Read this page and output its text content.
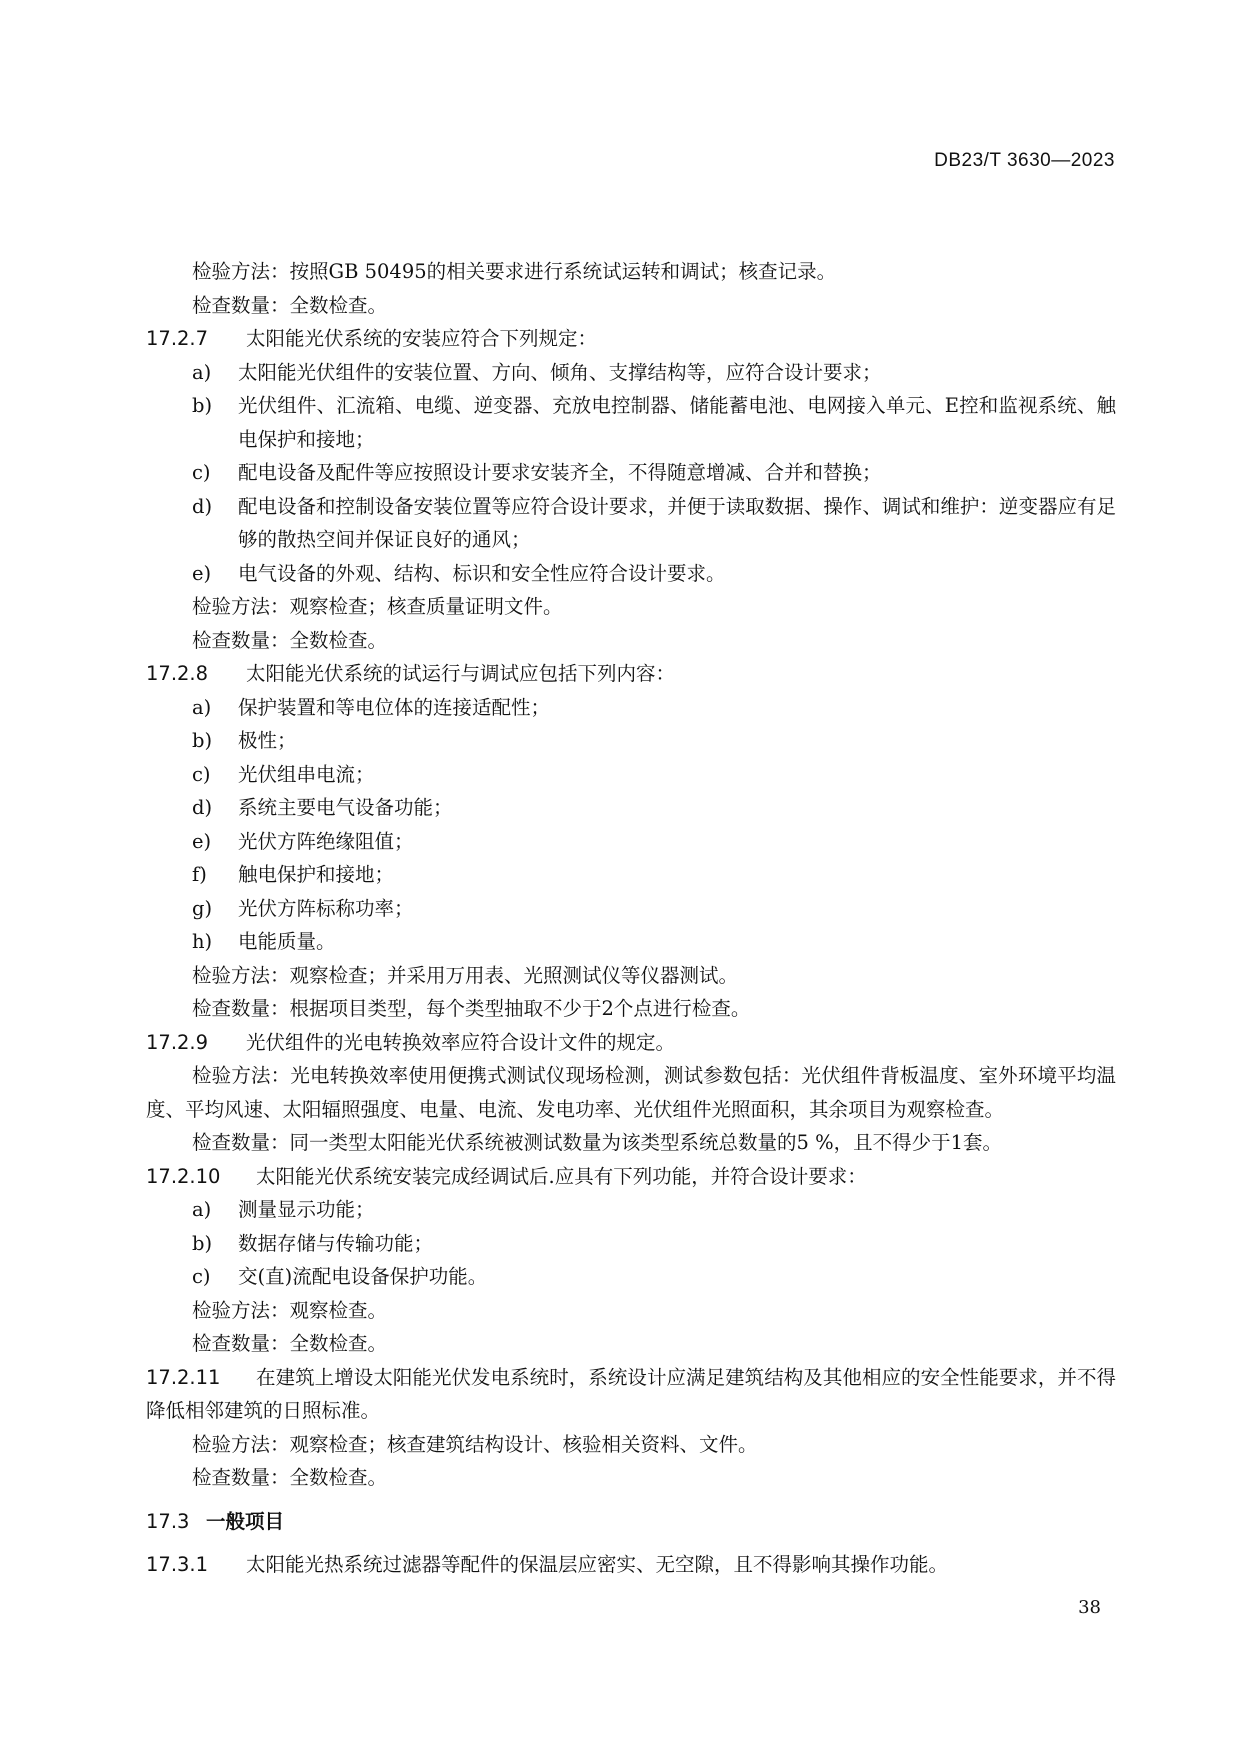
DB23/T 3630—2023
检验方法：按照GB 50495的相关要求进行系统试运转和调试；核查记录。
检查数量：全数检查。
17.2.7	太阳能光伏系统的安装应符合下列规定：
a)	太阳能光伏组件的安装位置、方向、倾角、支撑结构等，应符合设计要求；
b)	光伏组件、汇流箱、电缆、逆变器、充放电控制器、储能蓄电池、电网接入单元、E控和监视系统、触电保护和接地；
c)	配电设备及配件等应按照设计要求安装齐全，不得随意增减、合并和替换；
d)	配电设备和控制设备安装位置等应符合设计要求，并便于读取数据、操作、调试和维护：逆变器应有足够的散热空间并保证良好的通风；
e)	电气设备的外观、结构、标识和安全性应符合设计要求。
检验方法：观察检查；核查质量证明文件。
检查数量：全数检查。
17.2.8	太阳能光伏系统的试运行与调试应包括下列内容：
a)	保护装置和等电位体的连接适配性；
b)	极性；
c)	光伏组串电流；
d)	系统主要电气设备功能；
e)	光伏方阵绝缘阻值；
f)	触电保护和接地；
g)	光伏方阵标称功率；
h)	电能质量。
检验方法：观察检查；并采用万用表、光照测试仪等仪器测试。
检查数量：根据项目类型，每个类型抽取不少于2个点进行检查。
17.2.9	光伏组件的光电转换效率应符合设计文件的规定。
检验方法：光电转换效率使用便携式测试仪现场检测，测试参数包括：光伏组件背板温度、室外环境平均温度、平均风速、太阳辐照强度、电量、电流、发电功率、光伏组件光照面积，其余项目为观察检查。
检查数量：同一类型太阳能光伏系统被测试数量为该类型系统总数量的5 %，且不得少于1套。
17.2.10	太阳能光伏系统安装完成经调试后.应具有下列功能，并符合设计要求：
a)	测量显示功能；
b)	数据存储与传输功能；
c)	交(直)流配电设备保护功能。
检验方法：观察检查。
检查数量：全数检查。
17.2.11 在建筑上增设太阳能光伏发电系统时，系统设计应满足建筑结构及其他相应的安全性能要求，并不得降低相邻建筑的日照标准。
检验方法：观察检查；核查建筑结构设计、核验相关资料、文件。
检查数量：全数检查。
17.3 一般项目
17.3.1	太阳能光热系统过滤器等配件的保温层应密实、无空隙，且不得影响其操作功能。
38
